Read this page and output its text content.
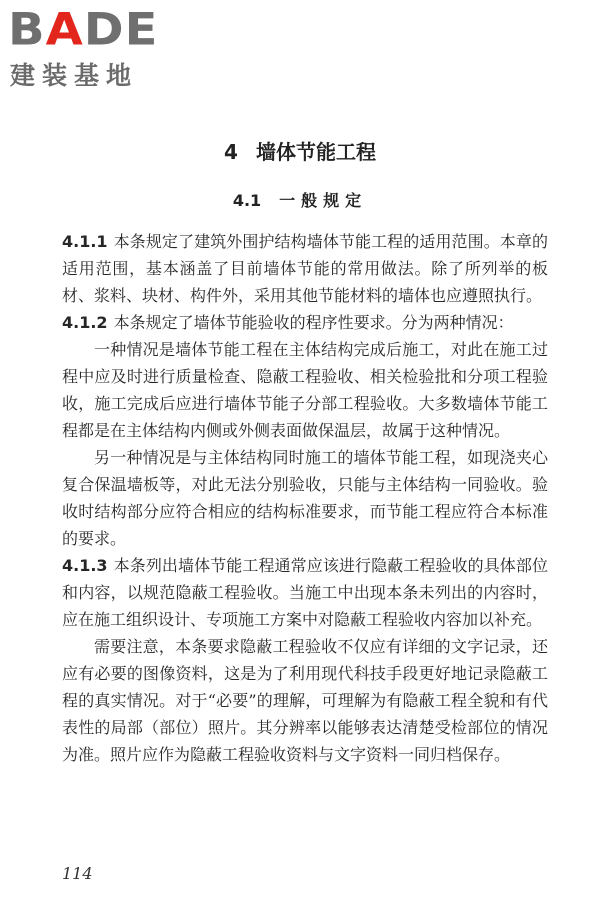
BADE
建装基地
4 墙体节能工程
4.1 一般规定

4.1.1 本条规定了建筑外围护结构墙体节能工程的适用范围。本章的适用范围，基本涵盖了目前墙体节能的常用做法。除了所列举的板材、浆料、块材、构件外，采用其他节能材料的墙体也应遵照执行。

4.1.2 本条规定了墙体节能验收的程序性要求。分为两种情况：

一种情况是墙体节能工程在主体结构完成后施工，对此在施工过程中应及时进行质量检查、隐蔽工程验收、相关检验批和分项工程验收，施工完成后应进行墙体节能子分部工程验收。大多数墙体节能工程都是在主体结构内侧或外侧表面做保温层，故属于这种情况。

另一种情况是与主体结构同时施工的墙体节能工程，如现浇夹心复合保温墙板等，对此无法分别验收，只能与主体结构一同验收。验收时结构部分应符合相应的结构标准要求，而节能工程应符合本标准的要求。

4.1.3 本条列出墙体节能工程通常应该进行隐蔽工程验收的具体部位和内容，以规范隐蔽工程验收。当施工中出现本条未列出的内容时，应在施工组织设计、专项施工方案中对隐蔽工程验收内容加以补充。

需要注意，本条要求隐蔽工程验收不仅应有详细的文字记录，还应有必要的图像资料，这是为了利用现代科技手段更好地记录隐蔽工程的真实情况。对于“必要”的理解，可理解为有隐蔽工程全貌和有代表性的局部（部位）照片。其分辨率以能够表达清楚受检部位的情况为准。照片应作为隐蔽工程验收资料与文字资料一同归档保存。

114
